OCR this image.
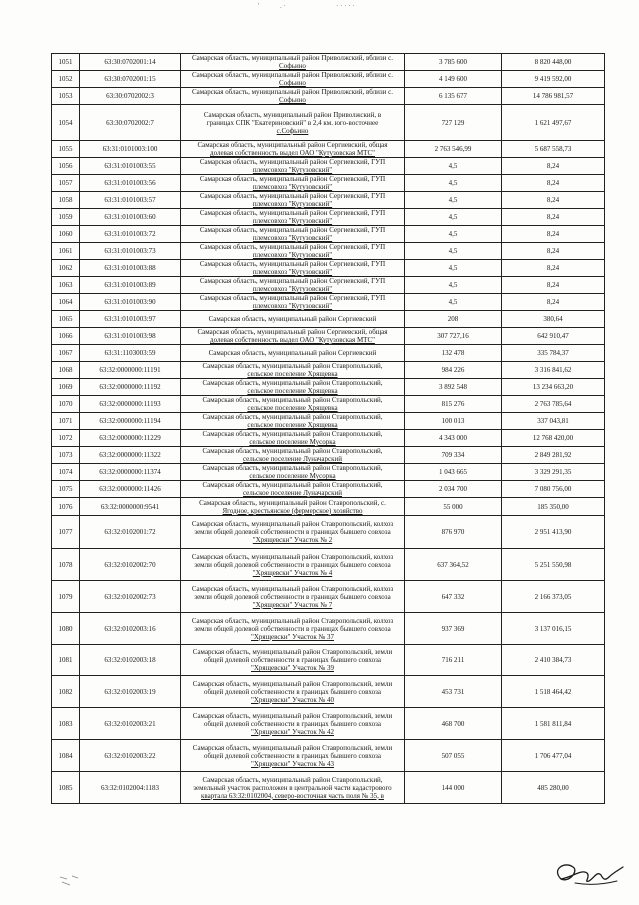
'	. ·	· · · · ·
1051	63:30:0702001:14	Самарская область, муниципальный район Приволжский, вблизи с.
Софьино	3 785 600	8 820 448,00
1052	63:30:0702001:15	Самарская область, муниципальный район Приволжский, вблизи с.
Софьино	4 149 600	9 419 592,00
1053	63:30:0702002:3	Самарская область, муниципальный район Приволжский, вблизи с.
Софьино	6 135 677	14 786 981,57
1054	63:30:0702002:7	Самарская область, муниципальный район Приволжский, в
границах СПК "Екатериновский" в 2,4 км. юго-восточнее
с.Софьино	727 129	1 621 497,67
1055	63:31:0101003:100	Самарская область, муниципальный район Сергиевский, общая
долевая собственность выдел ОАО "Кутузовская МТС"	2 763 546,99	5 687 558,73
1056	63:31:0101003:55	Самарская область, муниципальный район Сергиевский, ГУП
племсовхоз "Кутузовский"	4,5	8,24
1057	63:31:0101003:56	Самарская область, муниципальный район Сергиевский, ГУП
племсовхоз "Кутузовский"	4,5	8,24
1058	63:31:0101003:57	Самарская область, муниципальный район Сергиевский, ГУП
племсовхоз "Кутузовский"	4,5	8,24
1059	63:31:0101003:60	Самарская область, муниципальный район Сергиевский, ГУП
племсовхоз "Кутузовский"	4,5	8,24
1060	63:31:0101003:72	Самарская область, муниципальный район Сергиевский, ГУП
племсовхоз "Кутузовский"	4,5	8,24
1061	63:31:0101003:73	Самарская область, муниципальный район Сергиевский, ГУП
племсовхоз "Кутузовский"	4,5	8,24
1062	63:31:0101003:88	Самарская область, муниципальный район Сергиевский, ГУП
племсовхоз "Кутузовский"	4,5	8,24
1063	63:31:0101003:89	Самарская область, муниципальный район Сергиевский, ГУП
племсовхоз "Кутузовский"	4,5	8,24
1064	63:31:0101003:90	Самарская область, муниципальный район Сергиевский, ГУП
племсовхоз "Кутузовский"	4,5	8,24
1065	63:31:0101003:97	Самарская область, муниципальный район Сергиевский	208	380,64
1066	63:31:0101003:98	Самарская область, муниципальный район Сергиевский, общая
долевая собственность выдел ОАО "Кутузовская МТС"	307 727,16	642 910,47
1067	63:31:1103003:59	Самарская область, муниципальный район Сергиевский	132 478	335 784,37
1068	63:32:0000000:11191	Самарская область, муниципальный район Ставропольский,
сельское поселение Хрящевка	984 226	3 316 841,62
1069	63:32:0000000:11192	Самарская область, муниципальный район Ставропольский,
сельское поселение Хрящевка	3 892 548	13 234 663,20
1070	63:32:0000000:11193	Самарская область, муниципальный район Ставропольский,
сельское поселение Хрящевка	815 276	2 763 785,64
1071	63:32:0000000:11194	Самарская область, муниципальный район Ставропольский,
сельское поселение Хрящевка	100 013	337 043,81
1072	63:32:0000000:11229	Самарская область, муниципальный район Ставропольский,
сельское поселение Мусорка	4 343 000	12 768 420,00
1073	63:32:0000000:11322	Самарская область, муниципальный район Ставропольский,
сельское поселение Луначарский	709 334	2 849 281,92
1074	63:32:0000000:11374	Самарская область, муниципальный район Ставропольский,
сельское поселение Мусорка	1 043 665	3 329 291,35
1075	63:32:0000000:11426	Самарская область, муниципальный район Ставропольский,
сельское поселение Луначарский	2 034 700	7 080 756,00
1076	63:32:0000000:9541	Самарская область, муниципальный район Ставропольский, с.
Ягодное, крестьянское (фермерское) хозяйство	55 000	185 350,00
1077	63:32:0102001:72	Самарская область, муниципальный район Ставропольский, колхоз
земли общей долевой собственности в границах бывшего совхоза
"Хрящевски" Участок № 2	876 970	2 951 413,90
1078	63:32:0102002:70	Самарская область, муниципальный район Ставропольский, колхоз
земли общей долевой собственности в границах бывшего совхоза
"Хрящевски" Участок № 4	637 364,52	5 251 550,98
1079	63:32:0102002:73	Самарская область, муниципальный район Ставропольский, колхоз
земли общей долевой собственности в границах бывшего совхоза
"Хрящевски" Участок № 7	647 332	2 166 373,05
1080	63:32:0102003:16	Самарская область, муниципальный район Ставропольский, колхоз
земли общей долевой собственности в границах бывшего совхоза
"Хрящевски" Участок № 37	937 369	3 137 016,15
1081	63:32:0102003:18	Самарская область, муниципальный район Ставропольский, земли
общей долевой собственности в границах бывшего совхоза
"Хрящевски" Участок № 39	716 211	2 410 384,73
1082	63:32:0102003:19	Самарская область, муниципальный район Ставропольский, земли
общей долевой собственности в границах бывшего совхоза
"Хрящевски" Участок № 40	453 731	1 518 464,42
1083	63:32:0102003:21	Самарская область, муниципальный район Ставропольский, земли
общей долевой собственности в границах бывшего совхоза
"Хрящевски" Участок № 42	468 700	1 581 811,84
1084	63:32:0102003:22	Самарская область, муниципальный район Ставропольский, земли
общей долевой собственности в границах бывшего совхоза
"Хрящевски" Участок № 43	507 055	1 706 477,04
1085	63:32:0102004:1183	Самарская область, муниципальный район Ставропольский,
земельный участок расположен в центральной части кадастрового
квартала 63:32:0102004, северо-восточная часть поля № 35, в	144 000	485 280,00
